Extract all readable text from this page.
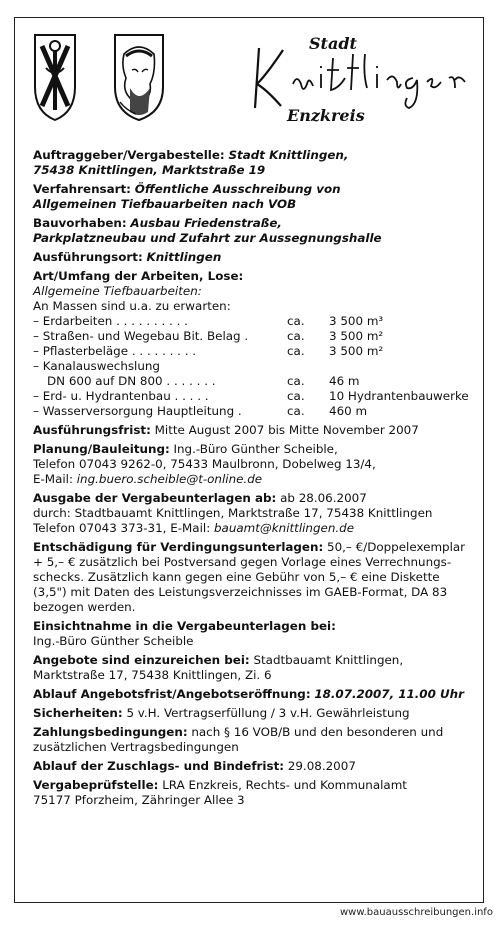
Stadt
Enzkreis
Auftraggeber/Vergabestelle: Stadt Knittlingen,
75438 Knittlingen, Marktstraße 19
Verfahrensart: Öffentliche Ausschreibung von
Allgemeinen Tiefbauarbeiten nach VOB
Bauvorhaben: Ausbau Friedenstraße,
Parkplatzneubau und Zufahrt zur Aussegnungshalle
Ausführungsort: Knittlingen
Art/Umfang der Arbeiten, Lose:
Allgemeine Tiefbauarbeiten:
An Massen sind u.a. zu erwarten:
– Erdarbeiten . . . . . . . . . .	ca.	3 500 m³
– Straßen- und Wegebau Bit. Belag .	ca.	3 500 m²
– Pflasterbeläge . . . . . . . . .	ca.	3 500 m²
– Kanalauswechslung
DN 600 auf DN 800 . . . . . . .	ca.	46 m
– Erd- u. Hydrantenbau . . . . .	ca.	10 Hydrantenbauwerke
– Wasserversorgung Hauptleitung .	ca.	460 m
Ausführungsfrist: Mitte August 2007 bis Mitte November 2007
Planung/Bauleitung: Ing.-Büro Günther Scheible,
Telefon 07043 9262-0, 75433 Maulbronn, Dobelweg 13/4,
E-Mail: ing.buero.scheible@t-online.de
Ausgabe der Vergabeunterlagen ab: ab 28.06.2007
durch: Stadtbauamt Knittlingen, Marktstraße 17, 75438 Knittlingen
Telefon 07043 373-31, E-Mail: bauamt@knittlingen.de
Entschädigung für Verdingungsunterlagen: 50,– €/Doppelexemplar
+ 5,– € zusätzlich bei Postversand gegen Vorlage eines Verrechnungs-
schecks. Zusätzlich kann gegen eine Gebühr von 5,– € eine Diskette
(3,5") mit Daten des Leistungsverzeichnisses im GAEB-Format, DA 83
bezogen werden.
Einsichtnahme in die Vergabeunterlagen bei:
Ing.-Büro Günther Scheible
Angebote sind einzureichen bei: Stadtbauamt Knittlingen,
Marktstraße 17, 75438 Knittlingen, Zi. 6
Ablauf Angebotsfrist/Angebotseröffnung: 18.07.2007, 11.00 Uhr
Sicherheiten: 5 v.H. Vertragserfüllung / 3 v.H. Gewährleistung
Zahlungsbedingungen: nach § 16 VOB/B und den besonderen und
zusätzlichen Vertragsbedingungen
Ablauf der Zuschlags- und Bindefrist: 29.08.2007
Vergabeprüfstelle: LRA Enzkreis, Rechts- und Kommunalamt
75177 Pforzheim, Zähringer Allee 3
www.bauausschreibungen.info
